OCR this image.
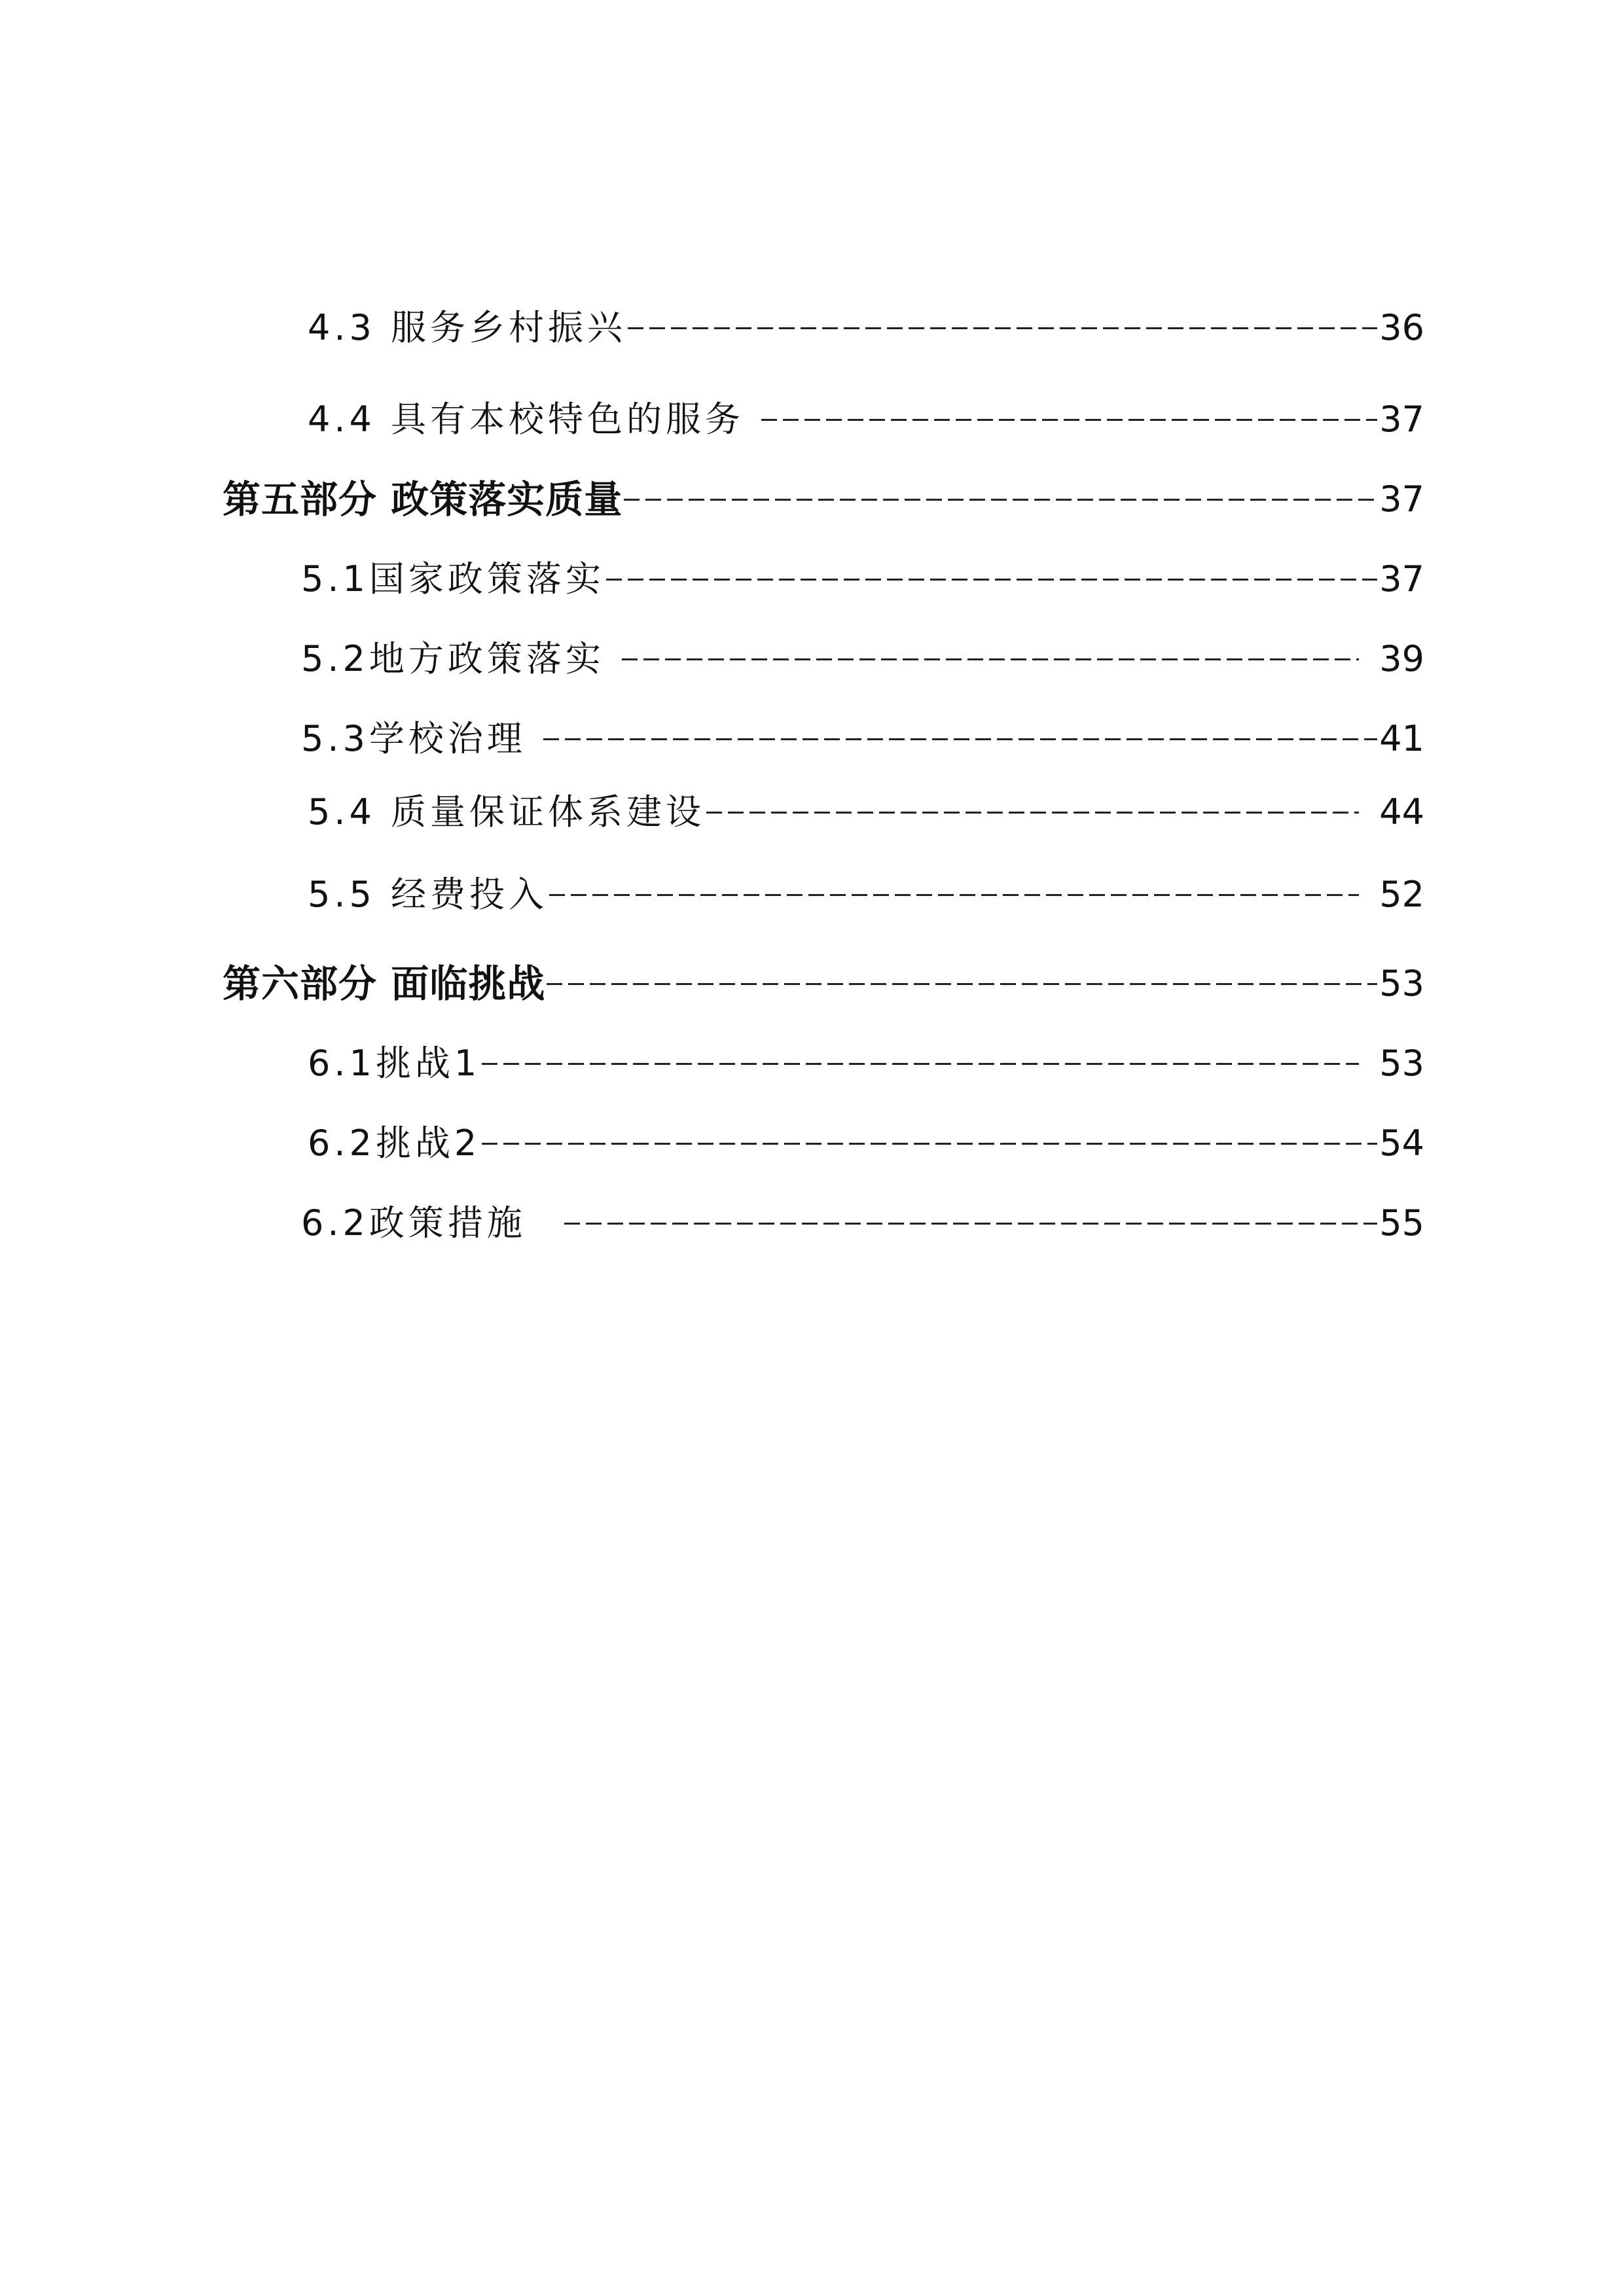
4.3 服务乡村振兴	36
4.4 具有本校特色的服务	37
第五部分 政策落实质量	37
5.1国家政策落实	37
5.2地方政策落实	39
5.3学校治理	41
5.4 质量保证体系建设	44
5.5 经费投入	52
第六部分 面临挑战	53
6.1挑战1	53
6.2挑战2	54
6.2政策措施	55
